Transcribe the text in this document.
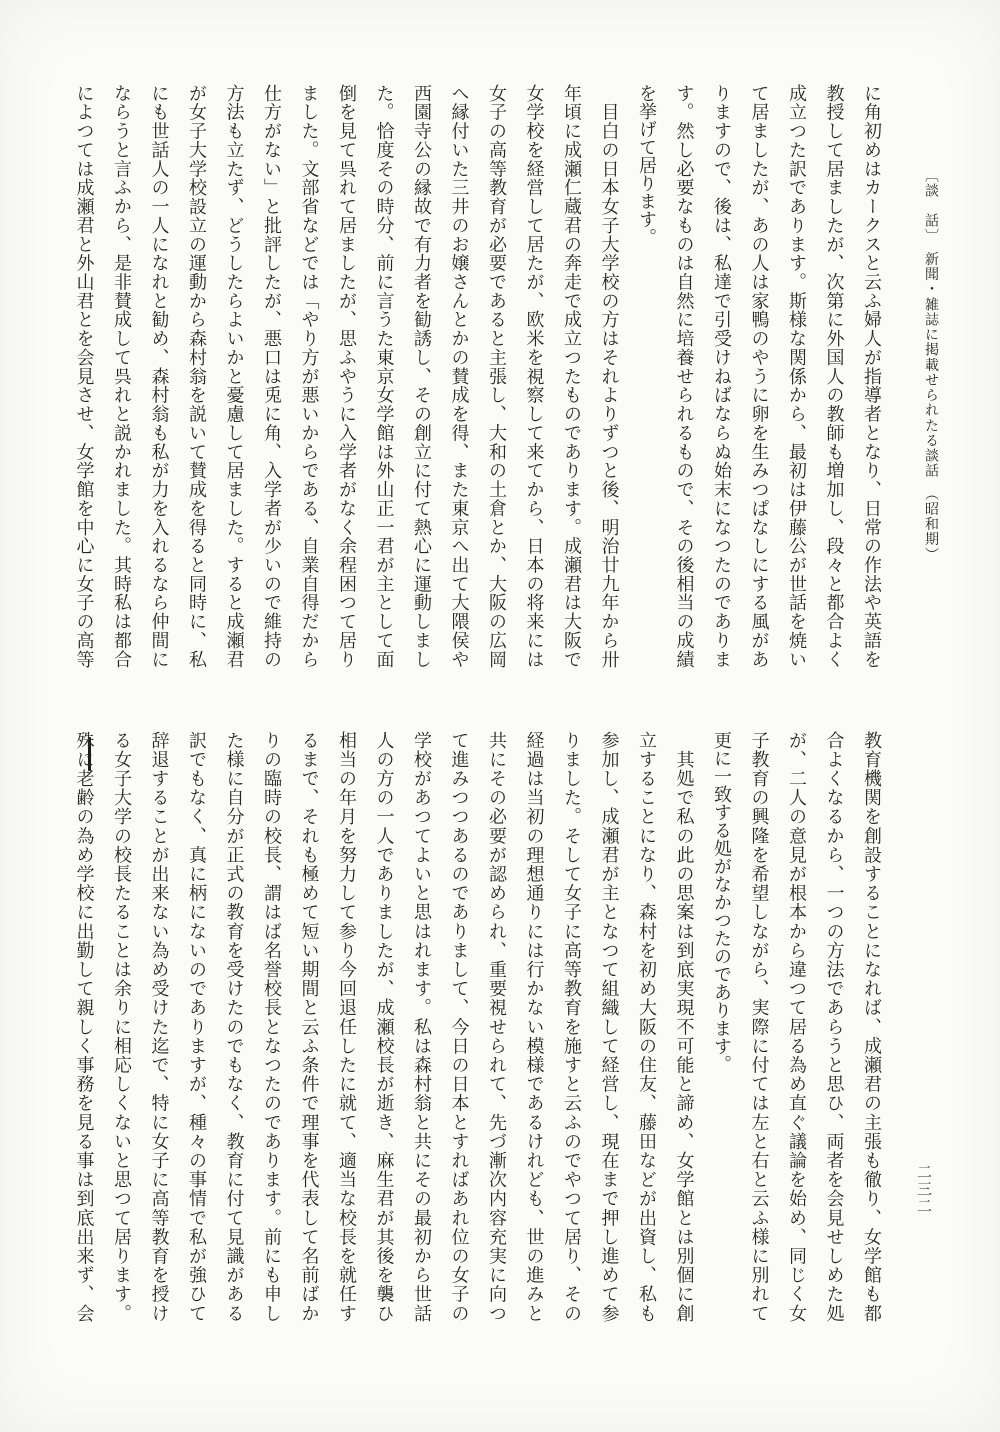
〔談　話〕　新聞・雑誌に掲載せられたる談話　（昭和期）
に角初めはカークスと云ふ婦人が指導者となり、日常の作法や英語を
教授して居ましたが、次第に外国人の教師も増加し、段々と都合よく
成立つた訳であります。斯様な関係から、最初は伊藤公が世話を焼い
て居ましたが、あの人は家鴨のやうに卵を生みつぱなしにする風があ
りますので、後は、私達で引受けねばならぬ始末になつたのでありま
す。然し必要なものは自然に培養せられるもので、その後相当の成績
を挙げて居ります。
　目白の日本女子大学校の方はそれよりずつと後、明治廿九年から卅
年頃に成瀬仁蔵君の奔走で成立つたものであります。成瀬君は大阪で
女学校を経営して居たが、欧米を視察して来てから、日本の将来には
女子の高等教育が必要であると主張し、大和の土倉とか、大阪の広岡
へ縁付いた三井のお嬢さんとかの賛成を得、また東京へ出て大隈侯や
西園寺公の縁故で有力者を勧誘し、その創立に付て熱心に運動しまし
た。恰度その時分、前に言うた東京女学館は外山正一君が主として面
倒を見て呉れて居ましたが、思ふやうに入学者がなく余程困つて居り
ました。文部省などでは「やり方が悪いからである、自業自得だから
仕方がない」と批評したが、悪口は兎に角、入学者が少いので維持の
方法も立たず、どうしたらよいかと憂慮して居ました。すると成瀬君
が女子大学校設立の運動から森村翁を説いて賛成を得ると同時に、私
にも世話人の一人になれと勧め、森村翁も私が力を入れるなら仲間に
ならうと言ふから、是非賛成して呉れと説かれました。其時私は都合
によつては成瀬君と外山君とを会見させ、女学館を中心に女子の高等
教育機関を創設することになれば、成瀬君の主張も徹り、女学館も都
合よくなるから、一つの方法であらうと思ひ、両者を会見せしめた処
が、二人の意見が根本から違つて居る為め直ぐ議論を始め、同じく女
子教育の興隆を希望しながら、実際に付ては左と右と云ふ様に別れて
更に一致する処がなかつたのであります。
　其処で私の此の思案は到底実現不可能と諦め、女学館とは別個に創
立することになり、森村を初め大阪の住友、藤田などが出資し、私も
参加し、成瀬君が主となつて組織して経営し、現在まで押し進めて参
りました。そして女子に高等教育を施すと云ふのでやつて居り、その
経過は当初の理想通りには行かない模様であるけれども、世の進みと
共にその必要が認められ、重要視せられて、先づ漸次内容充実に向つ
て進みつつあるのでありまして、今日の日本とすればあれ位の女子の
学校があつてよいと思はれます。私は森村翁と共にその最初から世話
人の方の一人でありましたが、成瀬校長が逝き、麻生君が其後を襲ひ
相当の年月を努力して参り今回退任したに就て、適当な校長を就任す
るまで、それも極めて短い期間と云ふ条件で理事を代表して名前ばか
りの臨時の校長、謂はば名誉校長となつたのであります。前にも申し
た様に自分が正式の教育を受けたのでもなく、教育に付て見識がある
訳でもなく、真に柄にないのでありますが、種々の事情で私が強ひて
辞退することが出来ない為め受けた迄で、特に女子に高等教育を授け
る女子大学の校長たることは余りに相応しくないと思つて居ります。
殊に老齢の為め学校に出勤して親しく事務を見る事は到底出来ず、会	二三二
